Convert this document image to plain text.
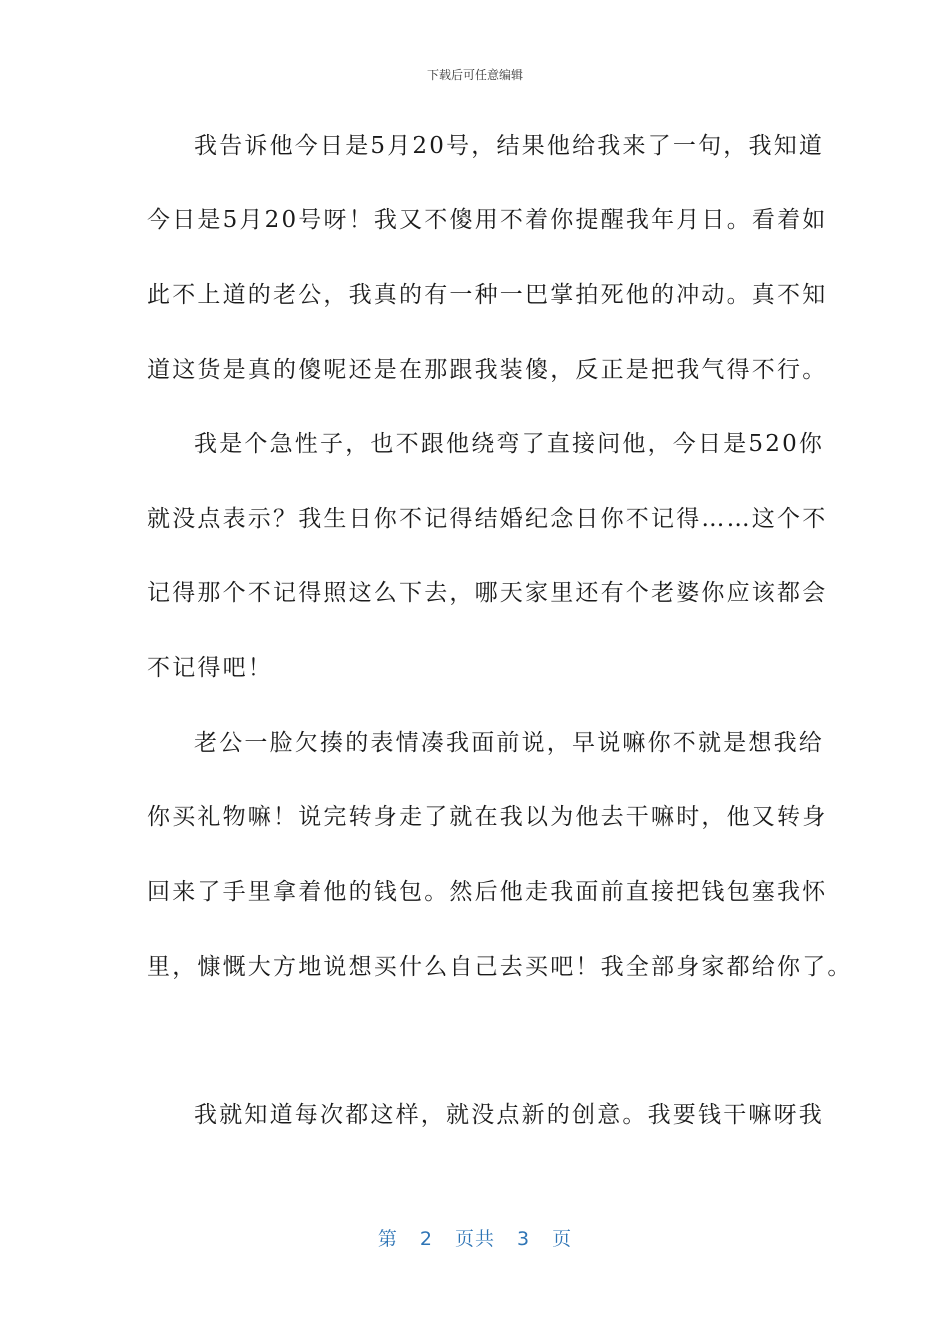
下载后可任意编辑
我告诉他今日是5月20号，结果他给我来了一句，我知道
今日是5月20号呀！我又不傻用不着你提醒我年月日。看着如
此不上道的老公，我真的有一种一巴掌拍死他的冲动。真不知
道这货是真的傻呢还是在那跟我装傻，反正是把我气得不行。
我是个急性子，也不跟他绕弯了直接问他，今日是520你
就没点表示？我生日你不记得结婚纪念日你不记得……这个不
记得那个不记得照这么下去，哪天家里还有个老婆你应该都会
不记得吧！
老公一脸欠揍的表情凑我面前说，早说嘛你不就是想我给
你买礼物嘛！说完转身走了就在我以为他去干嘛时，他又转身
回来了手里拿着他的钱包。然后他走我面前直接把钱包塞我怀
里，慷慨大方地说想买什么自己去买吧！我全部身家都给你了。
我就知道每次都这样，就没点新的创意。我要钱干嘛呀我
第 2 页共 3 页
